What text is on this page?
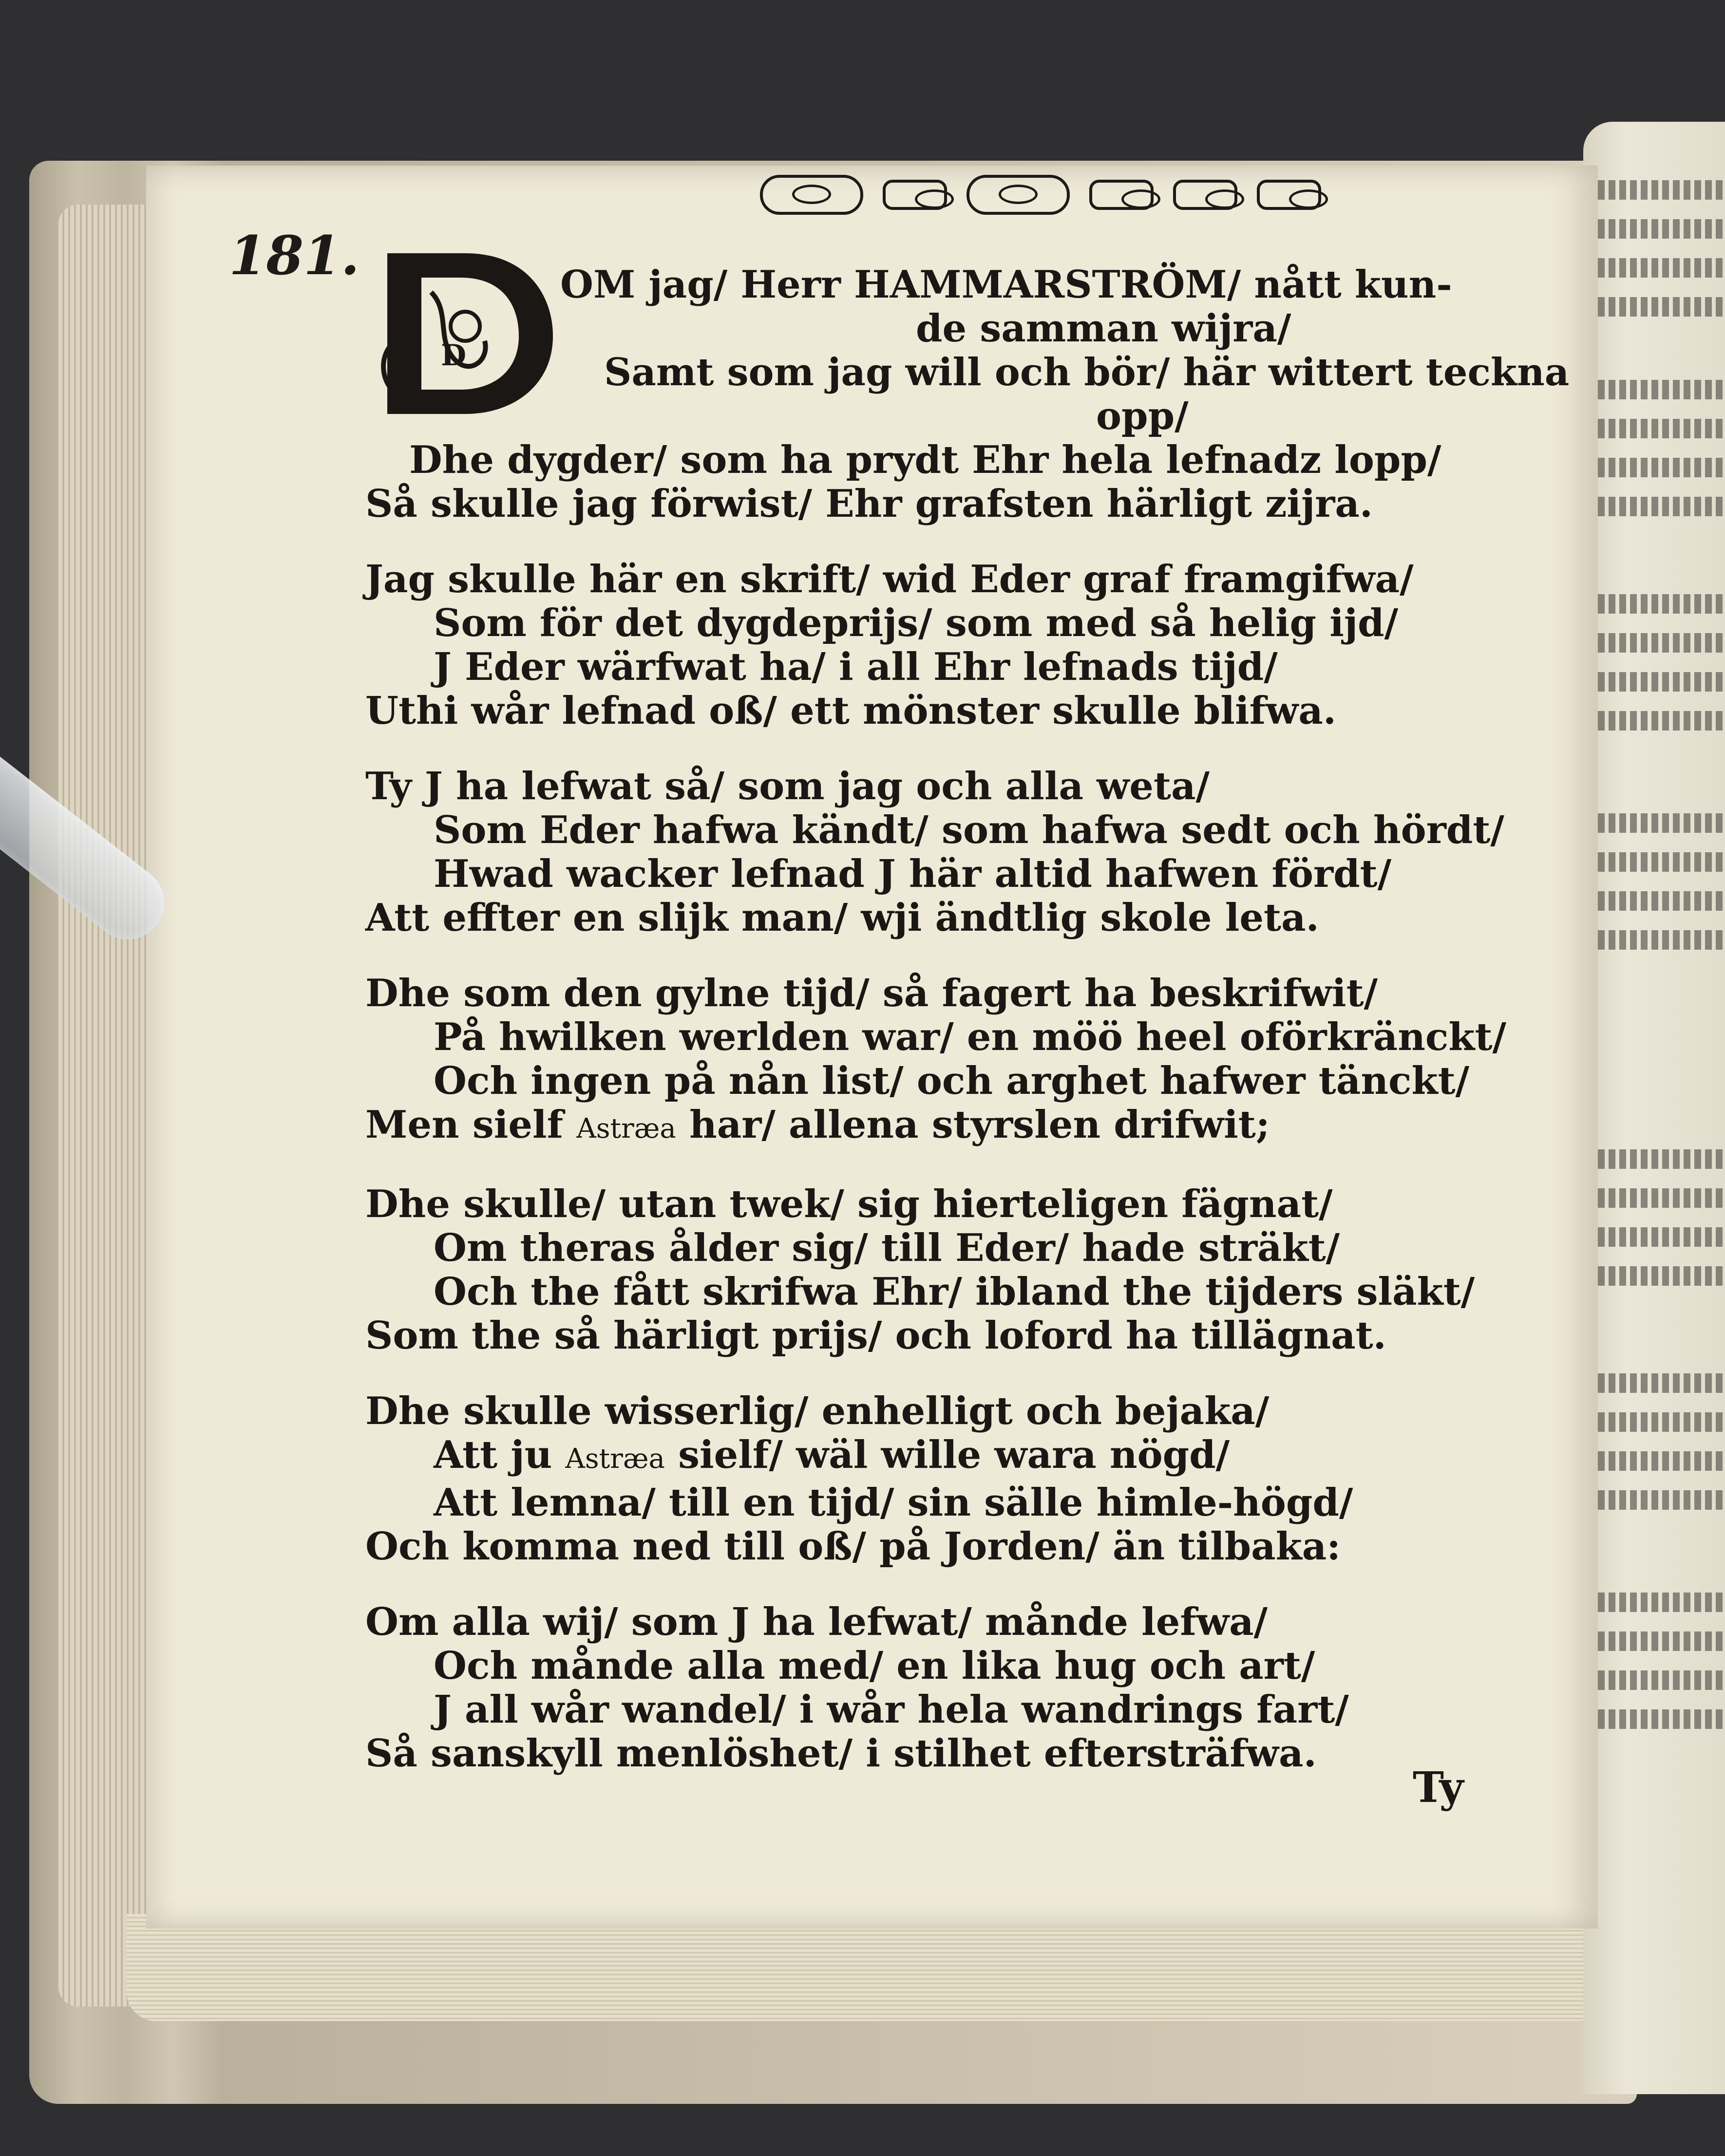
181.
D
OM jag/ Herr HAMMARSTRÖM/ nått kun-
de samman wijra/
Samt som jag will och bör/ här wittert teckna
opp/
Dhe dygder/ som ha prydt Ehr hela lefnadz lopp/
Så skulle jag förwist/ Ehr grafsten härligt zijra.
Jag skulle här en skrift/ wid Eder graf framgifwa/
Som för det dygdeprijs/ som med så helig ijd/
J Eder wärfwat ha/ i all Ehr lefnads tijd/
Uthi wår lefnad oß/ ett mönster skulle blifwa.
Ty J ha lefwat så/ som jag och alla weta/
Som Eder hafwa kändt/ som hafwa sedt och hördt/
Hwad wacker lefnad J här altid hafwen fördt/
Att effter en slijk man/ wji ändtlig skole leta.
Dhe som den gylne tijd/ så fagert ha beskrifwit/
På hwilken werlden war/ en möö heel oförkränckt/
Och ingen på nån list/ och arghet hafwer tänckt/
Men sielf Astræa har/ allena styrslen drifwit;
Dhe skulle/ utan twek/ sig hierteligen fägnat/
Om theras ålder sig/ till Eder/ hade sträkt/
Och the fått skrifwa Ehr/ ibland the tijders släkt/
Som the så härligt prijs/ och loford ha tillägnat.
Dhe skulle wisserlig/ enhelligt och bejaka/
Att ju Astræa sielf/ wäl wille wara nögd/
Att lemna/ till en tijd/ sin sälle himle-högd/
Och komma ned till oß/ på Jorden/ än tilbaka:
Om alla wij/ som J ha lefwat/ månde lefwa/
Och månde alla med/ en lika hug och art/
J all wår wandel/ i wår hela wandrings fart/
Så sanskyll menlöshet/ i stilhet eftersträfwa.
Ty
